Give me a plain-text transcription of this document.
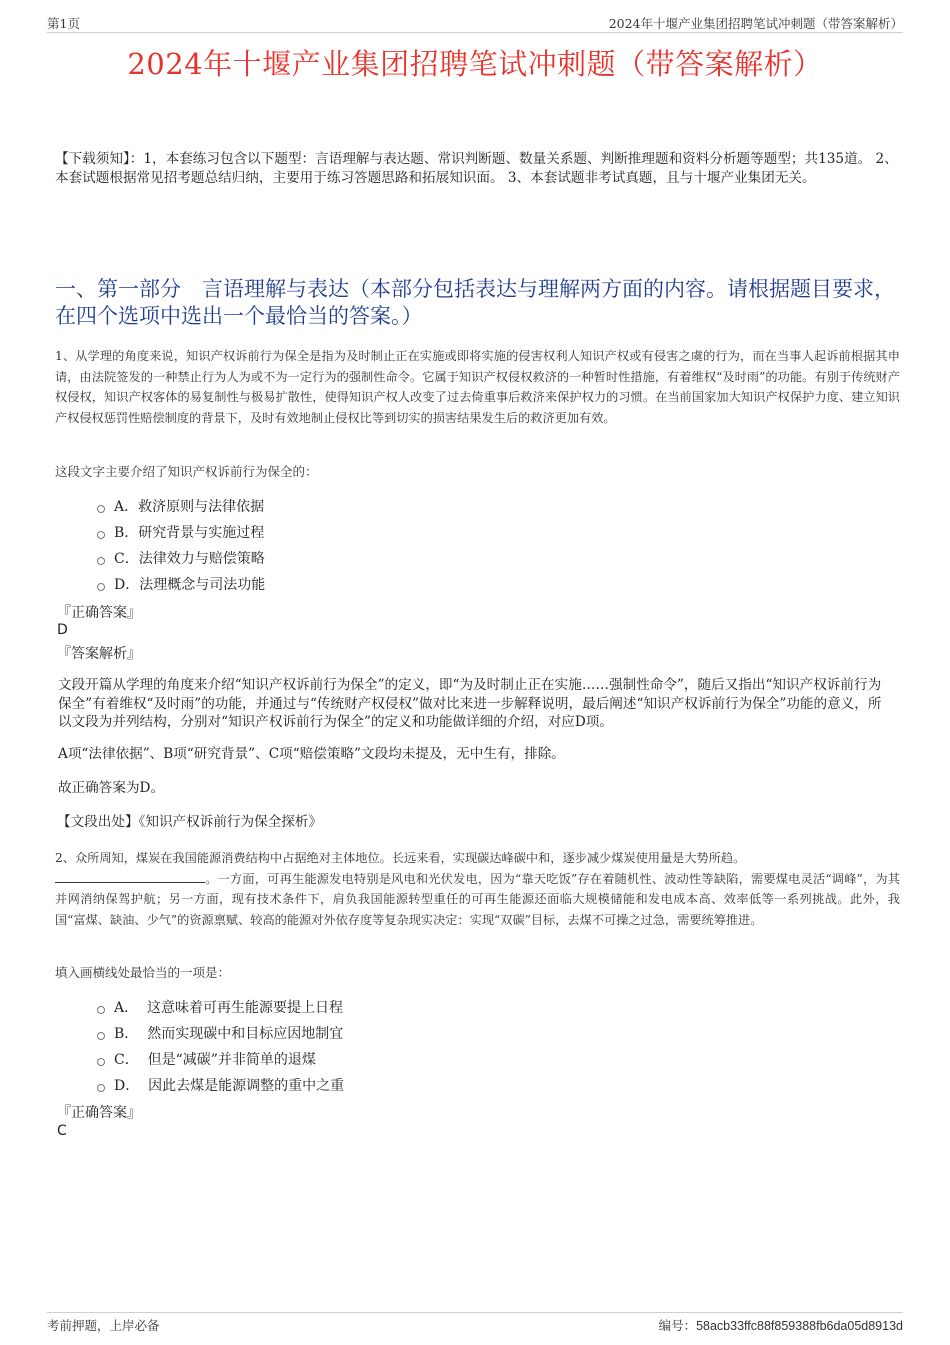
第1页	2024年十堰产业集团招聘笔试冲刺题（带答案解析）
2024年十堰产业集团招聘笔试冲刺题（带答案解析）
【下载须知】：1，本套练习包含以下题型：言语理解与表达题、常识判断题、数量关系题、判断推理题和资料分析题等题型；共135道。 2、本套试题根据常见招考题总结归纳，主要用于练习答题思路和拓展知识面。 3、本套试题非考试真题，且与十堰产业集团无关。
一、第一部分　言语理解与表达（本部分包括表达与理解两方面的内容。请根据题目要求，在四个选项中选出一个最恰当的答案。）
1、从学理的角度来说，知识产权诉前行为保全是指为及时制止正在实施或即将实施的侵害权利人知识产权或有侵害之虞的行为，而在当事人起诉前根据其申请，由法院签发的一种禁止行为人为或不为一定行为的强制性命令。它属于知识产权侵权救济的一种暂时性措施，有着维权“及时雨”的功能。有别于传统财产权侵权，知识产权客体的易复制性与极易扩散性，使得知识产权人改变了过去倚重事后救济来保护权力的习惯。在当前国家加大知识产权保护力度、建立知识产权侵权惩罚性赔偿制度的背景下，及时有效地制止侵权比等到切实的损害结果发生后的救济更加有效。
这段文字主要介绍了知识产权诉前行为保全的：
A．救济原则与法律依据
B．研究背景与实施过程
C．法律效力与赔偿策略
D．法理概念与司法功能
『正确答案』
D
『答案解析』
文段开篇从学理的角度来介绍“知识产权诉前行为保全”的定义，即“为及时制止正在实施……强制性命令”，随后又指出“知识产权诉前行为保全”有着维权“及时雨”的功能，并通过与“传统财产权侵权”做对比来进一步解释说明，最后阐述“知识产权诉前行为保全”功能的意义，所以文段为并列结构，分别对“知识产权诉前行为保全”的定义和功能做详细的介绍，对应D项。
A项“法律依据”、B项“研究背景”、C项“赔偿策略”文段均未提及，无中生有，排除。
故正确答案为D。
【文段出处】《知识产权诉前行为保全探析》
2、众所周知，煤炭在我国能源消费结构中占据绝对主体地位。长远来看，实现碳达峰碳中和，逐步减少煤炭使用量是大势所趋。
。一方面，可再生能源发电特别是风电和光伏发电，因为“靠天吃饭”存在着随机性、波动性等缺陷，需要煤电灵活“调峰”，为其并网消纳保驾护航；另一方面，现有技术条件下，肩负我国能源转型重任的可再生能源还面临大规模储能和发电成本高、效率低等一系列挑战。此外，我国“富煤、缺油、少气”的资源禀赋、较高的能源对外依存度等复杂现实决定：实现“双碳”目标，去煤不可操之过急，需要统筹推进。
填入画横线处最恰当的一项是：
A．  这意味着可再生能源要提上日程
B．  然而实现碳中和目标应因地制宜
C．  但是“减碳”并非简单的退煤
D．  因此去煤是能源调整的重中之重
『正确答案』
C
考前押题，上岸必备	编号：58acb33ffc88f859388fb6da05d8913d
